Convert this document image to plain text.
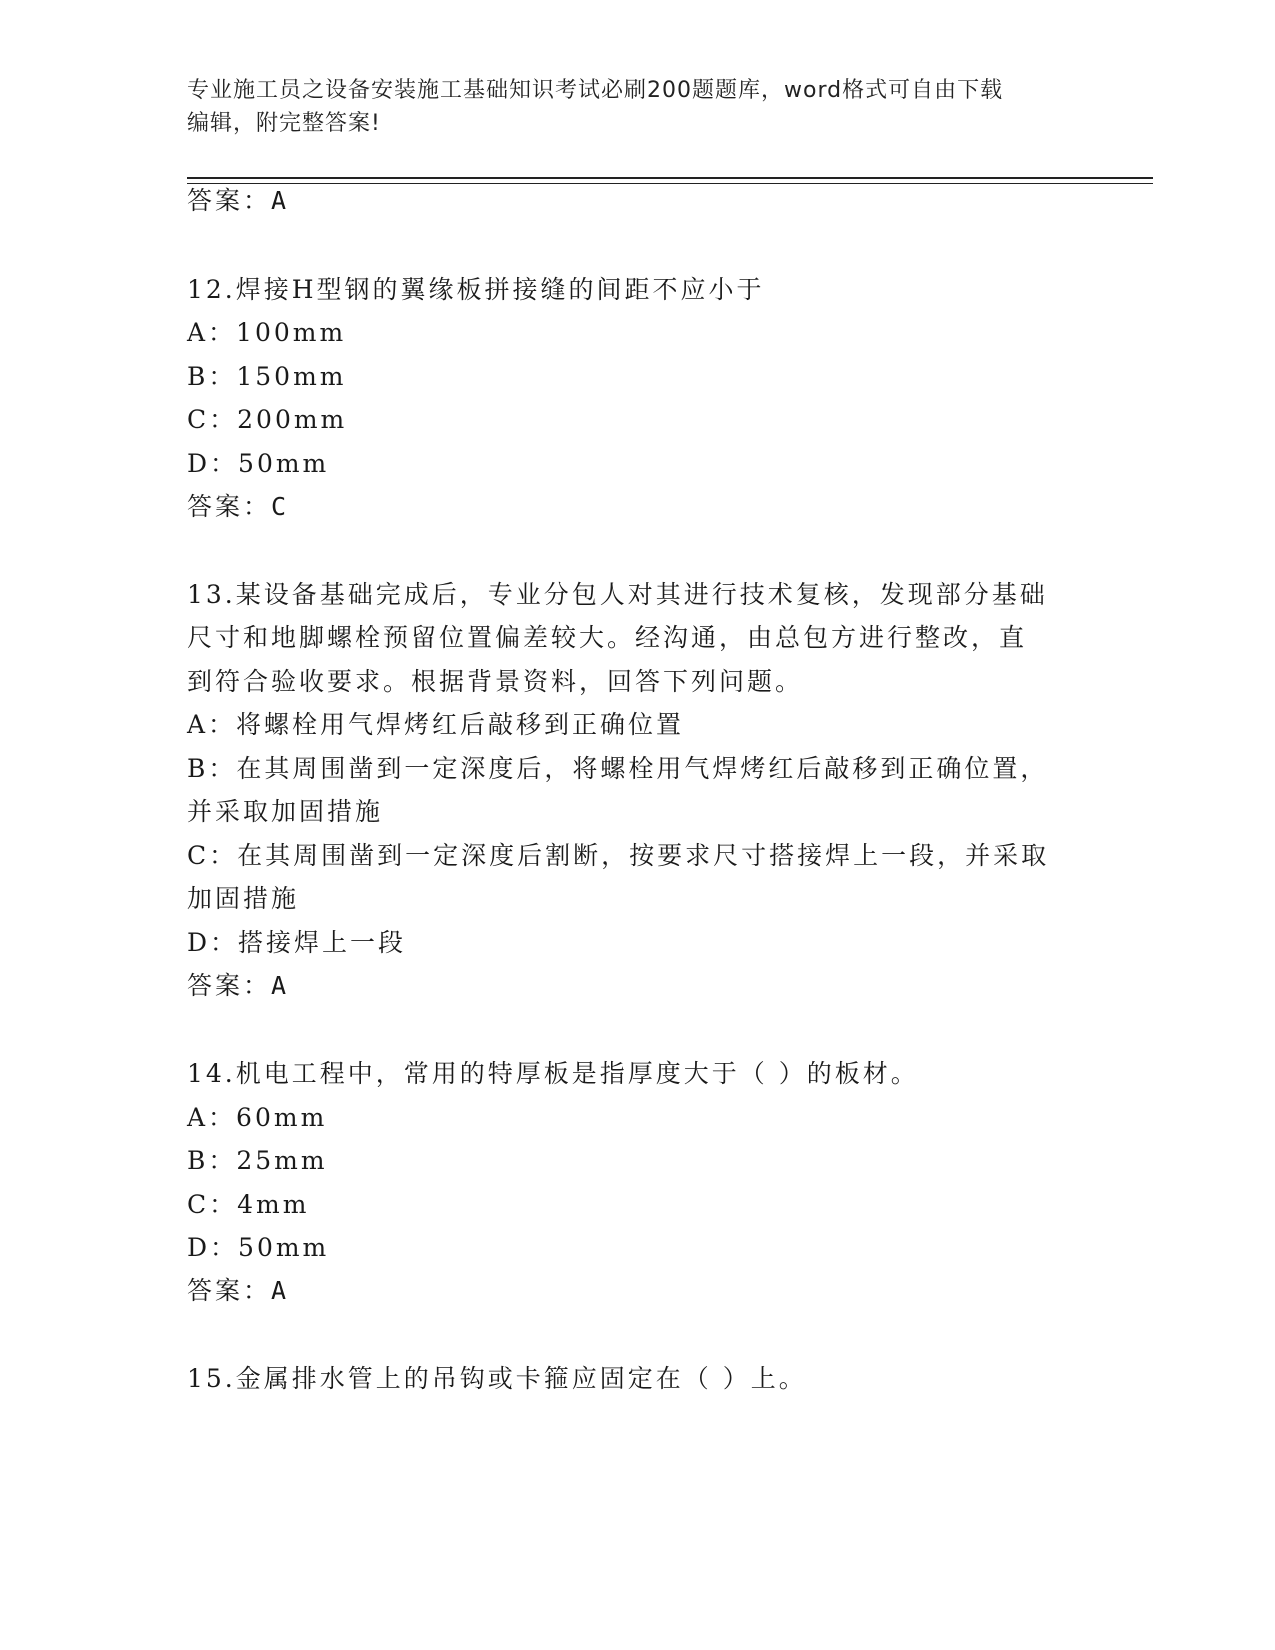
专业施工员之设备安装施工基础知识考试必刷200题题库，word格式可自由下载
编辑，附完整答案!
答案：A
12.焊接H型钢的翼缘板拼接缝的间距不应小于
A：100mm
B：150mm
C：200mm
D：50mm
答案：C
13.某设备基础完成后，专业分包人对其进行技术复核，发现部分基础
尺寸和地脚螺栓预留位置偏差较大。经沟通，由总包方进行整改，直
到符合验收要求。根据背景资料，回答下列问题。
A：将螺栓用气焊烤红后敲移到正确位置
B：在其周围凿到一定深度后，将螺栓用气焊烤红后敲移到正确位置，
并采取加固措施
C：在其周围凿到一定深度后割断，按要求尺寸搭接焊上一段，并采取
加固措施
D：搭接焊上一段
答案：A
14.机电工程中，常用的特厚板是指厚度大于（ ）的板材。
A：60mm
B：25mm
C：4mm
D：50mm
答案：A
15.金属排水管上的吊钩或卡箍应固定在（ ）上。
